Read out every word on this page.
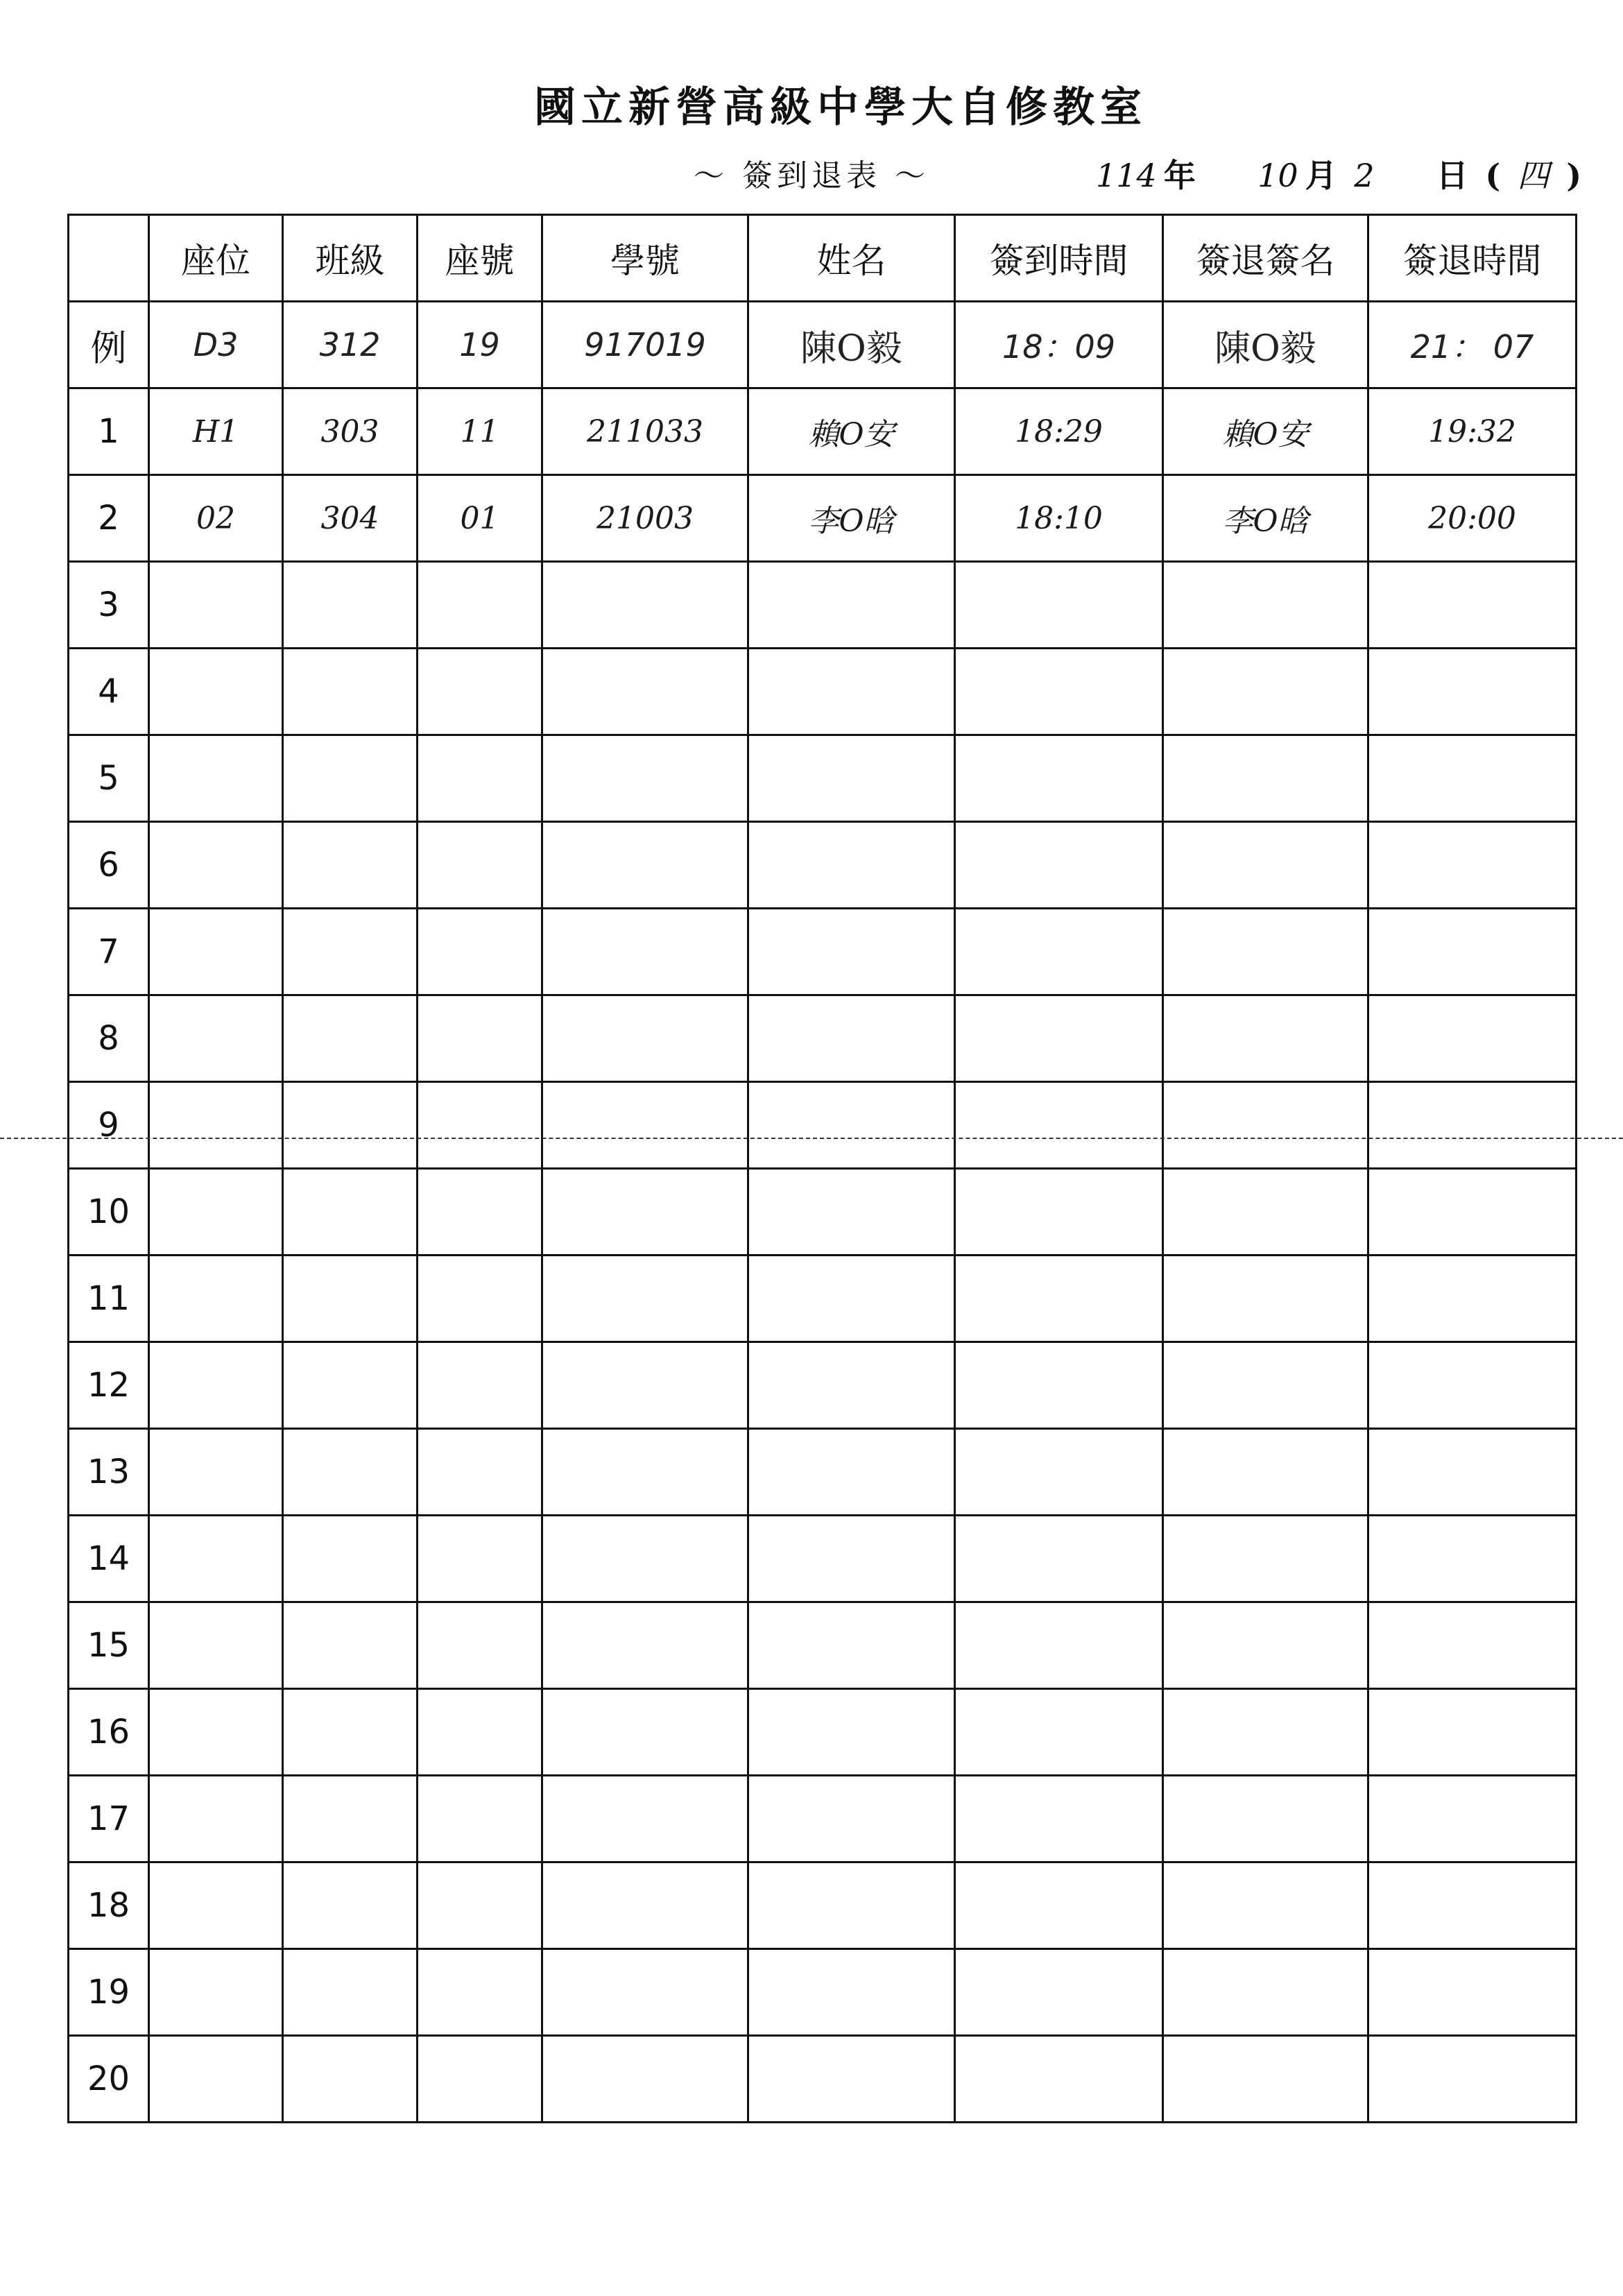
國立新營高級中學大自修教室
～ 簽到退表 ～	114 年 10 月 2 日 ( 四 )
	座位	班級	座號	學號	姓名	簽到時間	簽退簽名	簽退時間
例	D3	312	19	917019	陳O毅	18：09	陳O毅	21： 07
1	H1	303	11	211033	賴O安	18:29	賴O安	19:32
2	02	304	01	21003	李O晗	18:10	李O晗	20:00
3								
4								
5								
6								
7								
8								
9								
10								
11								
12								
13								
14								
15								
16								
17								
18								
19								
20								
